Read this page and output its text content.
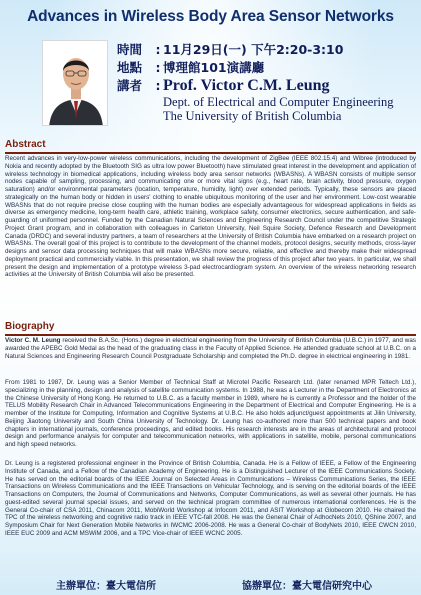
Advances in Wireless Body Area Sensor Networks
時間	: 11月29日(一) 下午2:20-3:10
地點	: 博理館101演講廳
講者	: Prof. Victor C.M. Leung
Dept. of Electrical and Computer Engineering
The University of British Columbia
Abstract
Recent advances in very-low-power wireless communications, including the development of ZigBee (IEEE 802.15.4) and Wibree (introduced by Nokia and recently adopted by the Bluetooth SIG as ultra low power Bluetooth) have stimulated great interest in the development and application of wireless technology in biomedical applications, including wireless body area sensor networks (WBASNs). A WBASN consists of multiple sensor nodes capable of sampling, processing, and communicating one or more vital signs (e.g., heart rate, brain activity, blood pressure, oxygen saturation) and/or environmental parameters (location, temperature, humidity, light) over extended periods. Typically, these sensors are placed strategically on the human body or hidden in users' clothing to enable ubiquitous monitoring of the user and her environment. Low-cost wearable WBASNs that do not require precise close coupling with the human bodies are especially advantageous for widespread applications in fields as diverse as emergency medicine, long-term health care, athletic training, workplace safety, consumer electronics, secure authentication, and safe-guarding of uniformed personnel. Funded by the Canadian Natural Sciences and Engineering Research Council under the competitive Strategic Project Grant program, and in collaboration with colleagues in Carleton University, Neil Squire Society, Defence Research and Development Canada (DRDC) and several industry partners, a team of researchers at the University of British Columbia have embarked on a research project on WBASNs. The overall goal of this project is to contribute to the development of the channel models, protocol designs, security methods, cross-layer designs and sensor data processing techniques that will make WBASNs more secure, reliable, and effective and thereby make their widespread deployment practical and commercially viable. In this presentation, we shall review the progress of this project after two years. In particular, we shall present the design and implementation of a prototype wireless 3-pad electrocardiogram system. An overview of the wireless networking research activities at the University of British Columbia will also be presented.
Biography
Victor C. M. Leung received the B.A.Sc. (Hons.) degree in electrical engineering from the University of British Columbia (U.B.C.) in 1977, and was awarded the APEBC Gold Medal as the head of the graduating class in the Faculty of Applied Science. He attended graduate school at U.B.C. on a Natural Sciences and Engineering Research Council Postgraduate Scholarship and completed the Ph.D. degree in electrical engineering in 1981.
From 1981 to 1987, Dr. Leung was a Senior Member of Technical Staff at Microtel Pacific Research Ltd. (later renamed MPR Teltech Ltd.), specializing in the planning, design and analysis of satellite communication systems. In 1988, he was a Lecturer in the Department of Electronics at the Chinese University of Hong Kong. He returned to U.B.C. as a faculty member in 1989, where he is currently a Professor and the holder of the TELUS Mobility Research Chair in Advanced Telecommunications Engineering in the Department of Electrical and Computer Engineering. He is a member of the Institute for Computing, Information and Cognitive Systems at U.B.C. He also holds adjunct/guest appointments at Jilin University, Beijing Jiaotong University and South China University of Technology. Dr. Leung has co-authored more than 500 technical papers and book chapters in international journals, conference proceedings, and edited books. His research interests are in the areas of architectural and protocol design and performance analysis for computer and telecommunication networks, with applications in satellite, mobile, personal communications and high speed networks.
Dr. Leung is a registered professional engineer in the Province of British Columbia, Canada. He is a Fellow of IEEE, a Fellow of the Engineering Institute of Canada, and a Fellow of the Canadian Academy of Engineering. He is a Distinguished Lecturer of the IEEE Communications Society. He has served on the editorial boards of the IEEE Journal on Selected Areas in Communications – Wireless Communications Series, the IEEE Transactions on Wireless Communications and the IEEE Transactions on Vehicular Technology, and is serving on the editorial boards of the IEEE Transactions on Computers, the Journal of Communications and Networks, Computer Communications, as well as several other journals. He has guest-edited several journal special issues, and served on the technical program committee of numerous international conferences. He is the General Co-chair of CSA 2011, Chinacom 2011, MobiWorld Workshop at Infocom 2011, and ASIT Workshop at Globecom 2010. He chaired the TPC of the wireless networking and cognitive radio track in IEEE VTC-fall 2008. He was the General Chair of AdhocNets 2010, QShine 2007, and Symposium Chair for Next Generation Mobile Networks in IWCMC 2006-2008. He was a General Co-chair of BodyNets 2010, IEEE CWCN 2010, IEEE EUC 2009 and ACM MSWiM 2006, and a TPC Vice-chair of IEEE WCNC 2005.
主辦單位：臺大電信所	協辦單位：臺大電信研究中心
